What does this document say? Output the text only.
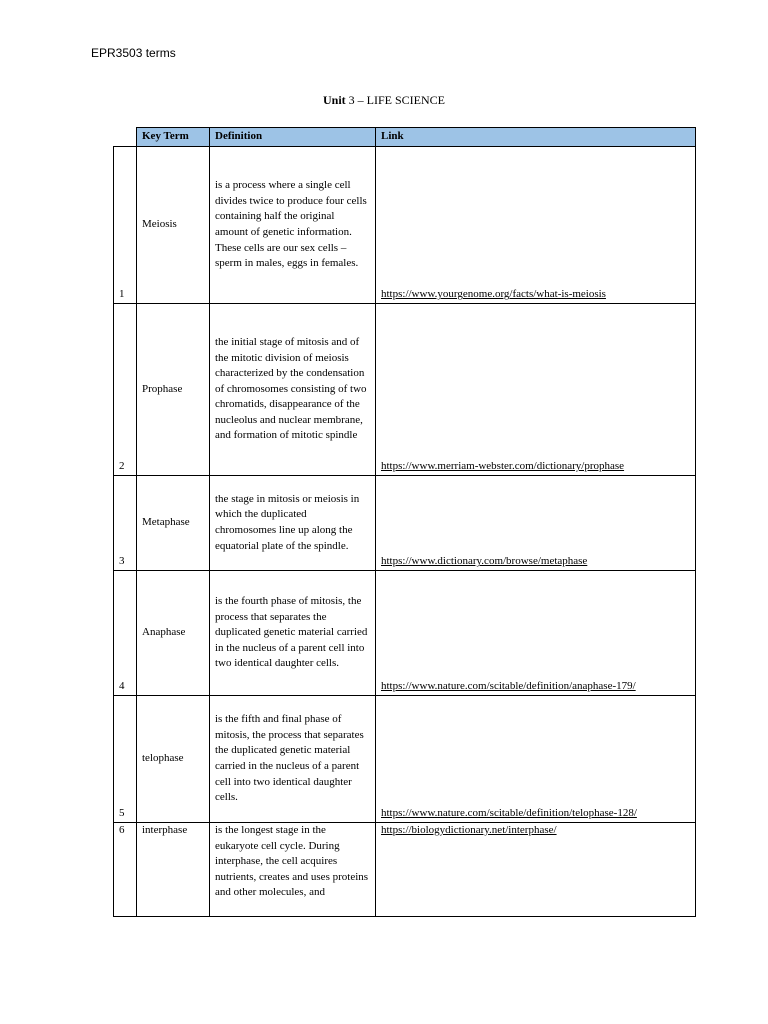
EPR3503 terms
Unit 3 – LIFE SCIENCE
	Key Term	Definition	Link
1	Meiosis	is a process where a single cell divides twice to produce four cells containing half the original amount of genetic information. These cells are our sex cells – sperm in males, eggs in females.	https://www.yourgenome.org/facts/what-is-meiosis
2	Prophase	the initial stage of mitosis and of the mitotic division of meiosis characterized by the condensation of chromosomes consisting of two chromatids, disappearance of the nucleolus and nuclear membrane, and formation of mitotic spindle	https://www.merriam-webster.com/dictionary/prophase
3	Metaphase	the stage in mitosis or meiosis in which the duplicated chromosomes line up along the equatorial plate of the spindle.	https://www.dictionary.com/browse/metaphase
4	Anaphase	is the fourth phase of mitosis, the process that separates the duplicated genetic material carried in the nucleus of a parent cell into two identical daughter cells.	https://www.nature.com/scitable/definition/anaphase-179/
5	telophase	is the fifth and final phase of mitosis, the process that separates the duplicated genetic material carried in the nucleus of a parent cell into two identical daughter cells.	https://www.nature.com/scitable/definition/telophase-128/
6	interphase	is the longest stage in the eukaryote cell cycle. During interphase, the cell acquires nutrients, creates and uses proteins and other molecules, and	https://biologydictionary.net/interphase/
